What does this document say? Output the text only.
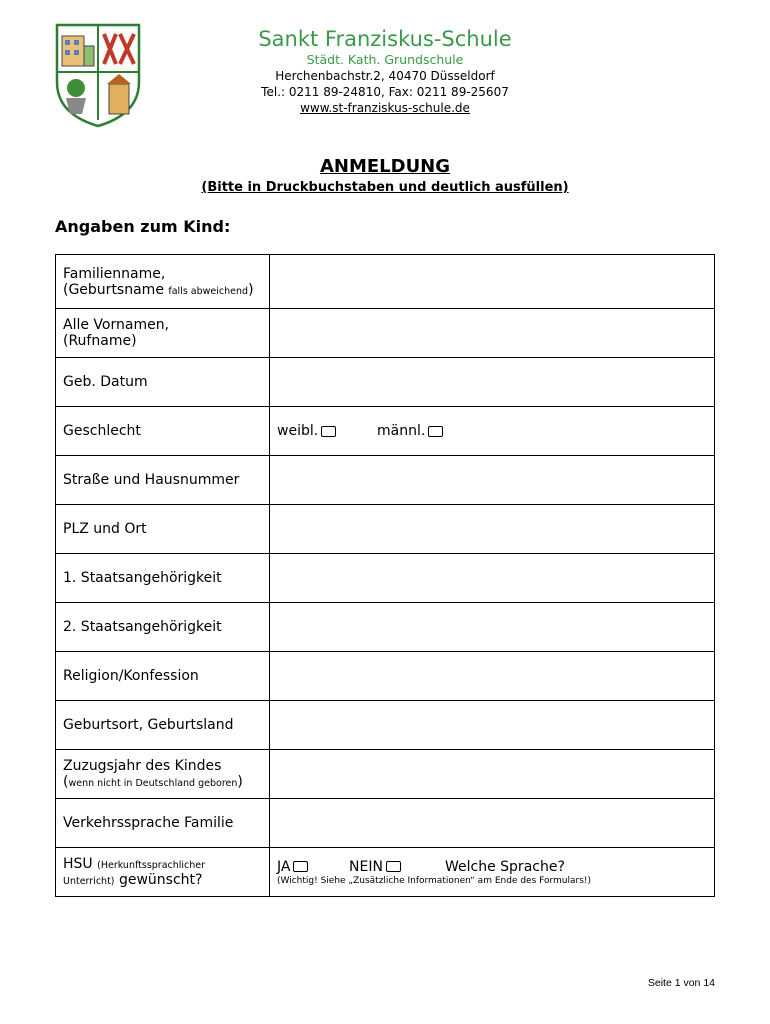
Sankt Franziskus-Schule
Städt. Kath. Grundschule
Herchenbachstr.2, 40470 Düsseldorf
Tel.: 0211 89-24810, Fax: 0211 89-25607
www.st-franziskus-schule.de
ANMELDUNG
(Bitte in Druckbuchstaben und deutlich ausfüllen)
Angaben zum Kind:
Familienname,
(Geburtsname falls abweichend)	
Alle Vornamen,
(Rufname)	
Geb. Datum	
Geschlecht	weibl. männl.
Straße und Hausnummer	
PLZ und Ort	
1. Staatsangehörigkeit	
2. Staatsangehörigkeit	
Religion/Konfession	
Geburtsort, Geburtsland	
Zuzugsjahr des Kindes
(wenn nicht in Deutschland geboren)	
Verkehrssprache Familie	
HSU (Herkunftssprachlicher
Unterricht) gewünscht?	JA NEIN Welche Sprache?
(Wichtig! Siehe „Zusätzliche Informationen“ am Ende des Formulars!)
Seite 1 von 14
